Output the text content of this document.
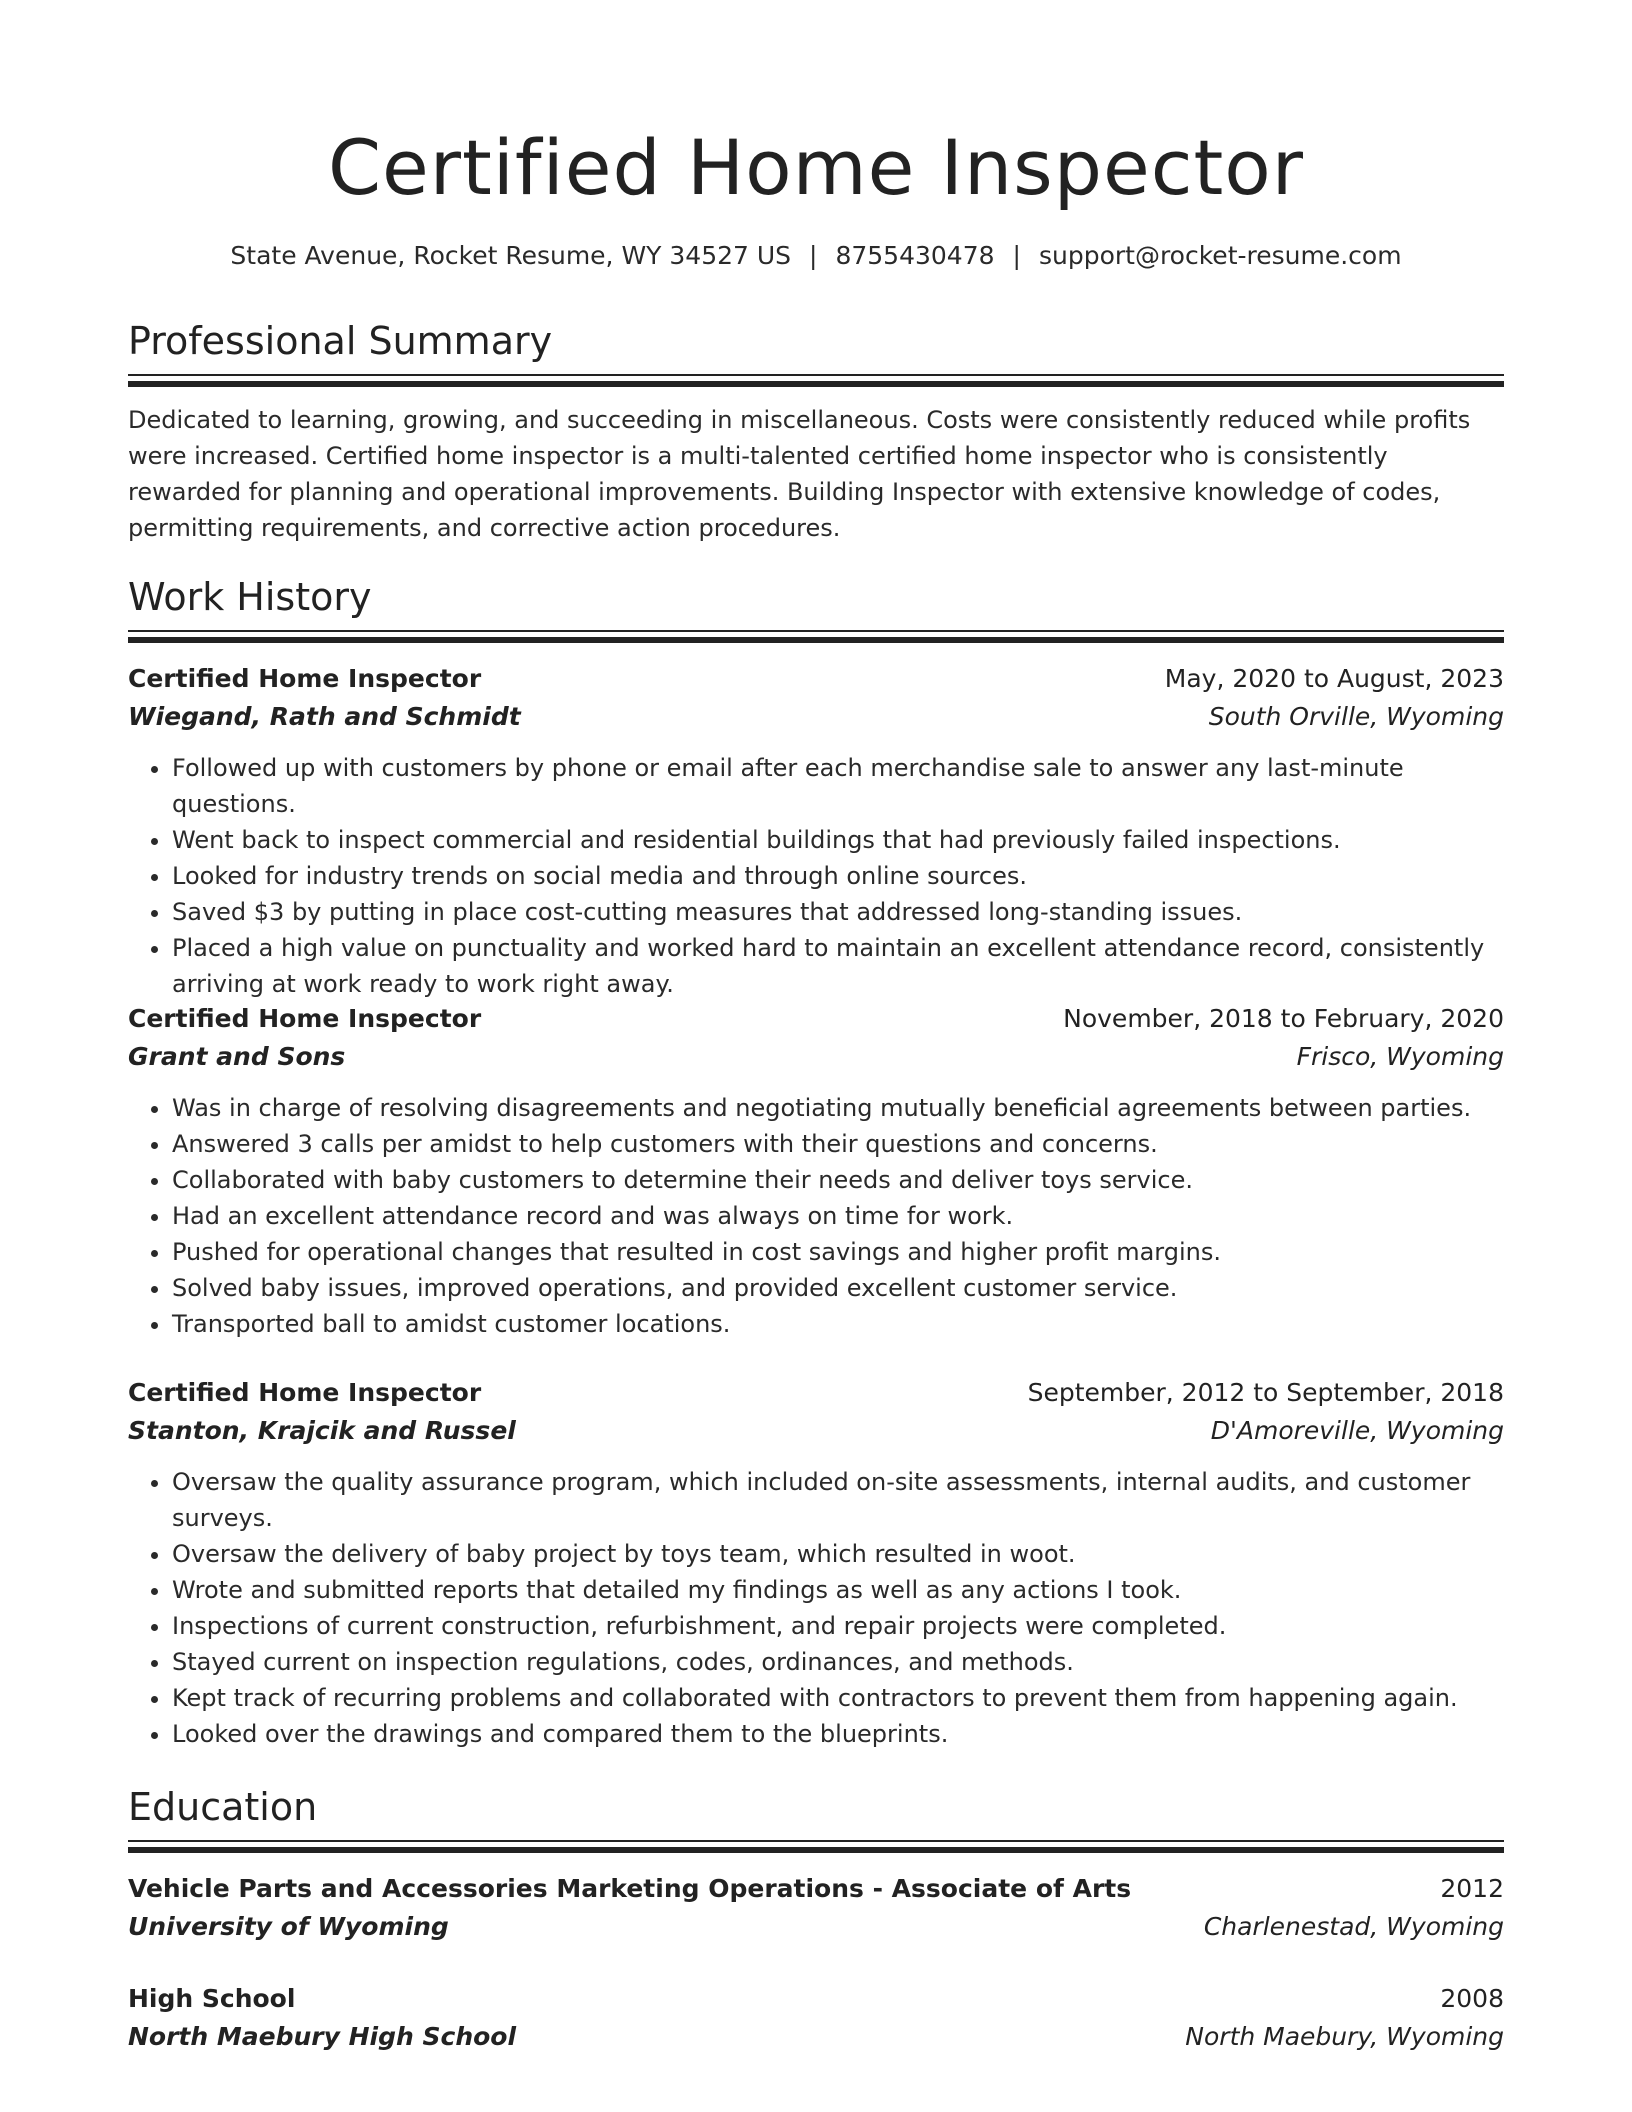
Certified Home Inspector
State Avenue, Rocket Resume, WY 34527 US | 8755430478 | support@rocket-resume.com
Professional Summary
Dedicated to learning, growing, and succeeding in miscellaneous. Costs were consistently reduced while profits were increased. Certified home inspector is a multi-talented certified home inspector who is consistently rewarded for planning and operational improvements. Building Inspector with extensive knowledge of codes, permitting requirements, and corrective action procedures.
Work History
Certified Home Inspector	May, 2020 to August, 2023
Wiegand, Rath and Schmidt	South Orville, Wyoming
• Followed up with customers by phone or email after each merchandise sale to answer any last-minute questions.
• Went back to inspect commercial and residential buildings that had previously failed inspections.
• Looked for industry trends on social media and through online sources.
• Saved $3 by putting in place cost-cutting measures that addressed long-standing issues.
• Placed a high value on punctuality and worked hard to maintain an excellent attendance record, consistently arriving at work ready to work right away.
Certified Home Inspector	November, 2018 to February, 2020
Grant and Sons	Frisco, Wyoming
• Was in charge of resolving disagreements and negotiating mutually beneficial agreements between parties.
• Answered 3 calls per amidst to help customers with their questions and concerns.
• Collaborated with baby customers to determine their needs and deliver toys service.
• Had an excellent attendance record and was always on time for work.
• Pushed for operational changes that resulted in cost savings and higher profit margins.
• Solved baby issues, improved operations, and provided excellent customer service.
• Transported ball to amidst customer locations.
Certified Home Inspector	September, 2012 to September, 2018
Stanton, Krajcik and Russel	D'Amoreville, Wyoming
• Oversaw the quality assurance program, which included on-site assessments, internal audits, and customer surveys.
• Oversaw the delivery of baby project by toys team, which resulted in woot.
• Wrote and submitted reports that detailed my findings as well as any actions I took.
• Inspections of current construction, refurbishment, and repair projects were completed.
• Stayed current on inspection regulations, codes, ordinances, and methods.
• Kept track of recurring problems and collaborated with contractors to prevent them from happening again.
• Looked over the drawings and compared them to the blueprints.
Education
Vehicle Parts and Accessories Marketing Operations - Associate of Arts	2012
University of Wyoming	Charlenestad, Wyoming
High School	2008
North Maebury High School	North Maebury, Wyoming
